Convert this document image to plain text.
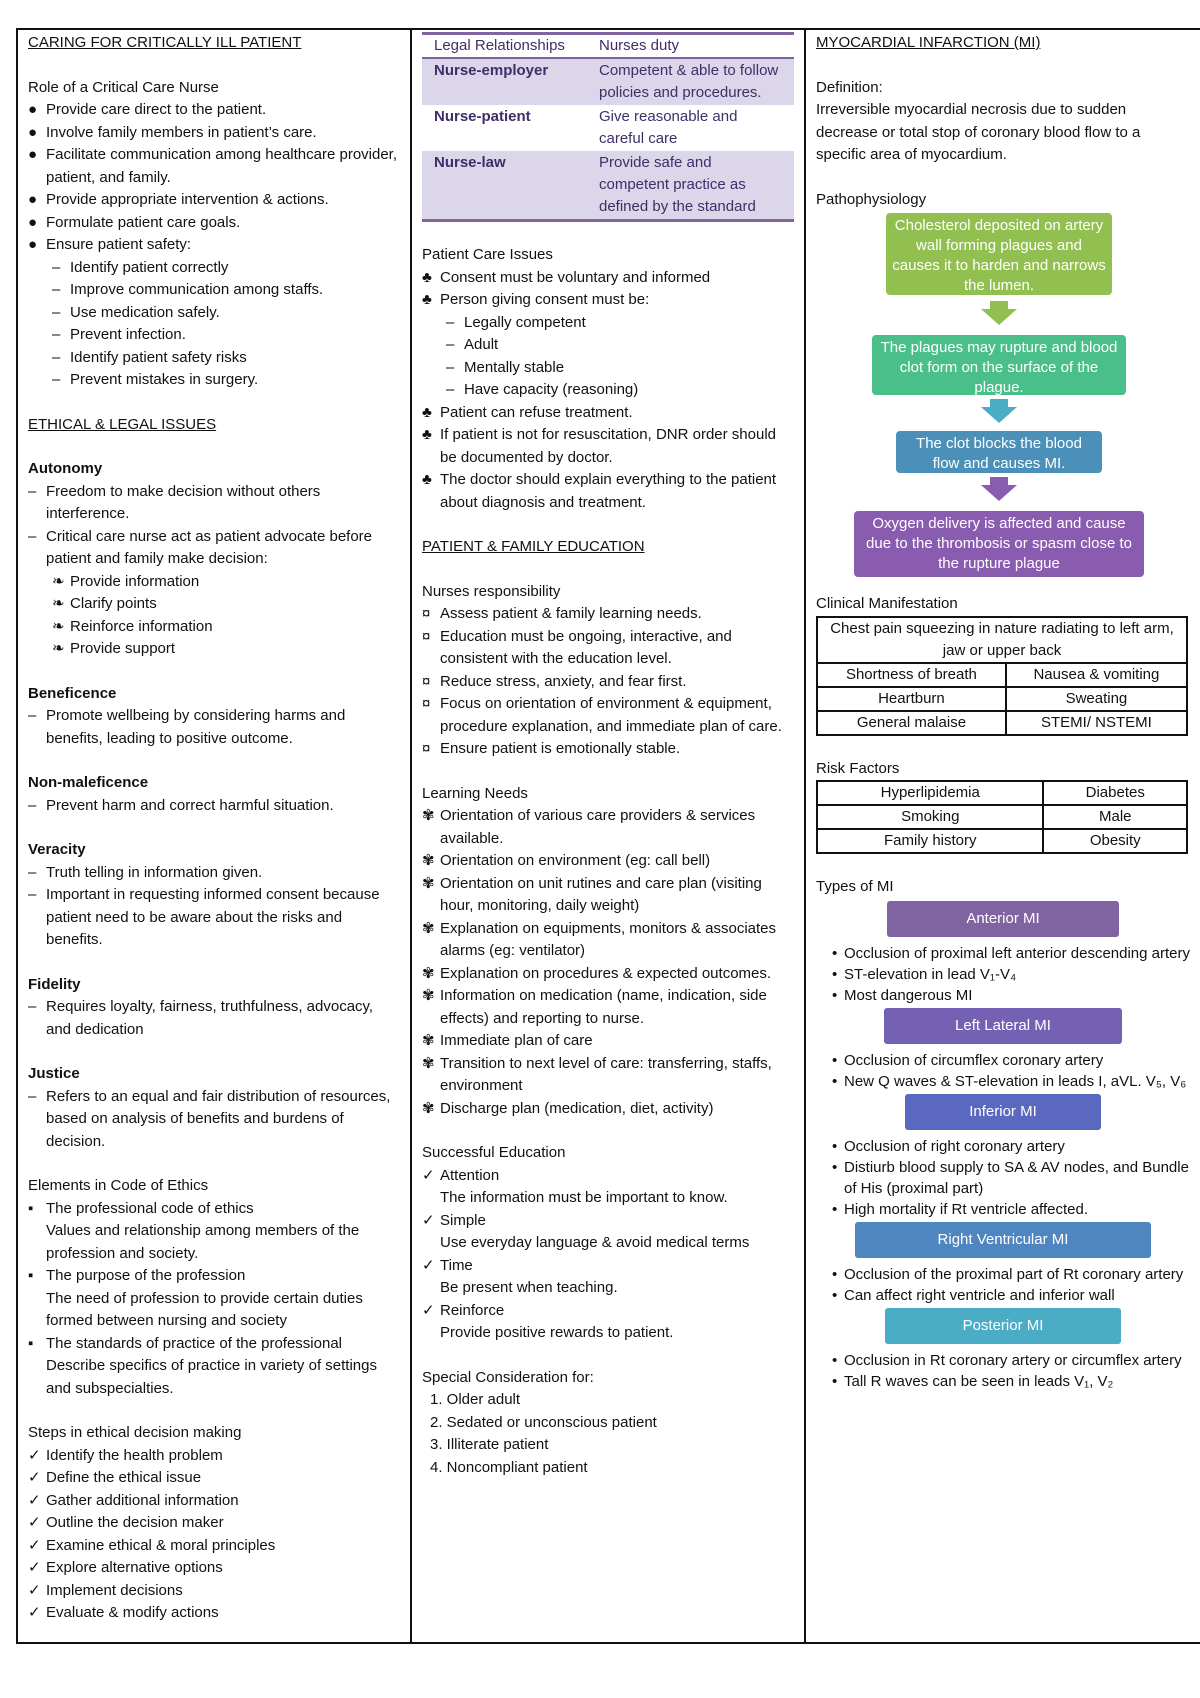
CARING FOR CRITICALLY ILL PATIENT
Role of a Critical Care Nurse
● Provide care direct to the patient.
● Involve family members in patient’s care.
● Facilitate communication among healthcare provider, patient, and family.
● Provide appropriate intervention & actions.
● Formulate patient care goals.
● Ensure patient safety:
– Identify patient correctly
– Improve communication among staffs.
– Use medication safely.
– Prevent infection.
– Identify patient safety risks
– Prevent mistakes in surgery.
ETHICAL & LEGAL ISSUES
Autonomy
– Freedom to make decision without others interference.
– Critical care nurse act as patient advocate before patient and family make decision:
❧ Provide information
❧ Clarify points
❧ Reinforce information
❧ Provide support
Beneficence
– Promote wellbeing by considering harms and benefits, leading to positive outcome.
Non-maleficence
– Prevent harm and correct harmful situation.
Veracity
– Truth telling in information given.
– Important in requesting informed consent because patient need to be aware about the risks and benefits.
Fidelity
– Requires loyalty, fairness, truthfulness, advocacy, and dedication
Justice
– Refers to an equal and fair distribution of resources, based on analysis of benefits and burdens of decision.
Elements in Code of Ethics
▪ The professional code of ethics
Values and relationship among members of the profession and society.
▪ The purpose of the profession
The need of profession to provide certain duties formed between nursing and society
▪ The standards of practice of the professional
Describe specifics of practice in variety of settings and subspecialties.
Steps in ethical decision making
✓ Identify the health problem
✓ Define the ethical issue
✓ Gather additional information
✓ Outline the decision maker
✓ Examine ethical & moral principles
✓ Explore alternative options
✓ Implement decisions
✓ Evaluate & modify actions
Legal Relationships	Nurses duty
Nurse-employer	Competent & able to follow policies and procedures.
Nurse-patient	Give reasonable and careful care
Nurse-law	Provide safe and competent practice as defined by the standard
Patient Care Issues
♣ Consent must be voluntary and informed
♣ Person giving consent must be:
– Legally competent
– Adult
– Mentally stable
– Have capacity (reasoning)
♣ Patient can refuse treatment.
♣ If patient is not for resuscitation, DNR order should be documented by doctor.
♣ The doctor should explain everything to the patient about diagnosis and treatment.
PATIENT & FAMILY EDUCATION
Nurses responsibility
¤ Assess patient & family learning needs.
¤ Education must be ongoing, interactive, and consistent with the education level.
¤ Reduce stress, anxiety, and fear first.
¤ Focus on orientation of environment & equipment, procedure explanation, and immediate plan of care.
¤ Ensure patient is emotionally stable.
Learning Needs
✾ Orientation of various care providers & services available.
✾ Orientation on environment (eg: call bell)
✾ Orientation on unit rutines and care plan (visiting hour, monitoring, daily weight)
✾ Explanation on equipments, monitors & associates alarms (eg: ventilator)
✾ Explanation on procedures & expected outcomes.
✾ Information on medication (name, indication, side effects) and reporting to nurse.
✾ Immediate plan of care
✾ Transition to next level of care: transferring, staffs, environment
✾ Discharge plan (medication, diet, activity)
Successful Education
✓ Attention
The information must be important to know.
✓ Simple
Use everyday language & avoid medical terms
✓ Time
Be present when teaching.
✓ Reinforce
Provide positive rewards to patient.
Special Consideration for:
1. Older adult
2. Sedated or unconscious patient
3. Illiterate patient
4. Noncompliant patient
MYOCARDIAL INFARCTION (MI)
Definition:
Irreversible myocardial necrosis due to sudden decrease or total stop of coronary blood flow to a specific area of myocardium.
Pathophysiology
Cholesterol deposited on artery wall forming plagues and causes it to harden and narrows the lumen.
The plagues may rupture and blood clot form on the surface of the plague.
The clot blocks the blood flow and causes MI.
Oxygen delivery is affected and cause due to the thrombosis or spasm close to the rupture plague
Clinical Manifestation
Chest pain squeezing in nature radiating to left arm, jaw or upper back	
Shortness of breath	Nausea & vomiting
Heartburn	Sweating
General malaise	STEMI/ NSTEMI
Risk Factors
Hyperlipidemia	Diabetes
Smoking	Male
Family history	Obesity
Types of MI
Anterior MI
• Occlusion of proximal left anterior descending artery
• ST-elevation in lead V₁-V₄
• Most dangerous MI
Left Lateral MI
• Occlusion of circumflex coronary artery
• New Q waves & ST-elevation in leads I, aVL. V₅, V₆
Inferior MI
• Occlusion of right coronary artery
• Distiurb blood supply to SA & AV nodes, and Bundle of His (proximal part)
• High mortality if Rt ventricle affected.
Right Ventricular MI
• Occlusion of the proximal part of Rt coronary artery
• Can affect right ventricle and inferior wall
Posterior MI
• Occlusion in Rt coronary artery or circumflex artery
• Tall R waves can be seen in leads V₁, V₂
